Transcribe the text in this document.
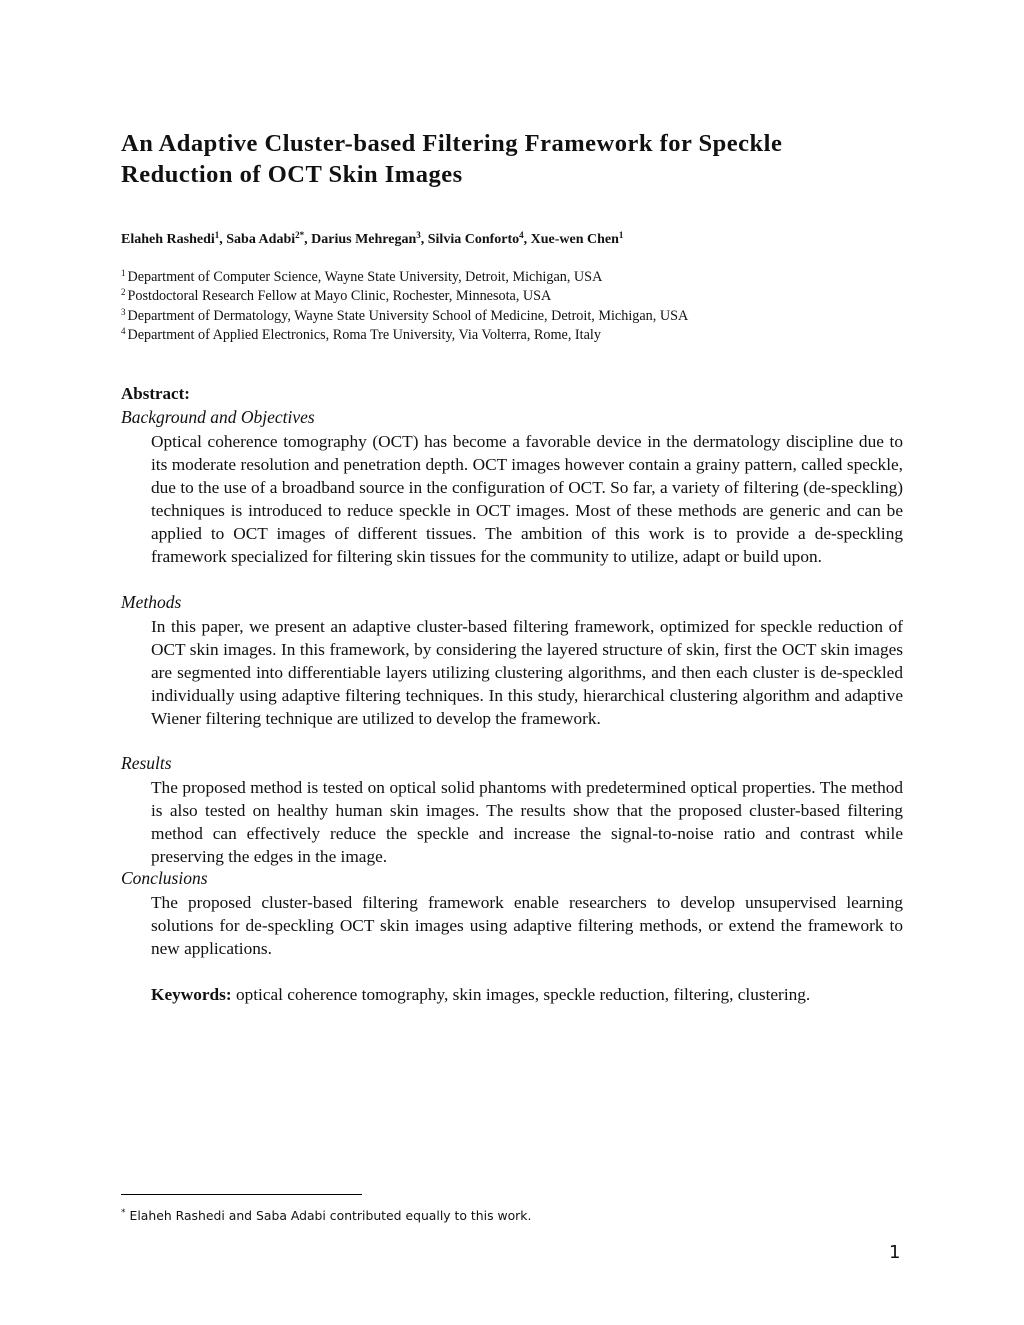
An Adaptive Cluster-based Filtering Framework for Speckle Reduction of OCT Skin Images
Elaheh Rashedi$^1$, Saba Adabi$^{2*}$, Darius Mehregan$^3$, Silvia Conforto$^4$, Xue-wen Chen$^1$
$^1$ Department of Computer Science, Wayne State University, Detroit, Michigan, USA
$^2$ Postdoctoral Research Fellow at Mayo Clinic, Rochester, Minnesota, USA
$^3$ Department of Dermatology, Wayne State University School of Medicine, Detroit, Michigan, USA
$^4$ Department of Applied Electronics, Roma Tre University, Via Volterra, Rome, Italy
Abstract:
Background and Objectives

Optical coherence tomography (OCT) has become a favorable device in the dermatology discipline due to its moderate resolution and penetration depth. OCT images however contain a grainy pattern, called speckle, due to the use of a broadband source in the configuration of OCT. So far, a variety of filtering (de-speckling) techniques is introduced to reduce speckle in OCT images. Most of these methods are generic and can be applied to OCT images of different tissues. The ambition of this work is to provide a de-speckling framework specialized for filtering skin tissues for the community to utilize, adapt or build upon.

Methods

In this paper, we present an adaptive cluster-based filtering framework, optimized for speckle reduction of OCT skin images. In this framework, by considering the layered structure of skin, first the OCT skin images are segmented into differentiable layers utilizing clustering algorithms, and then each cluster is de-speckled individually using adaptive filtering techniques. In this study, hierarchical clustering algorithm and adaptive Wiener filtering technique are utilized to develop the framework.

Results

The proposed method is tested on optical solid phantoms with predetermined optical properties. The method is also tested on healthy human skin images. The results show that the proposed cluster-based filtering method can effectively reduce the speckle and increase the signal-to-noise ratio and contrast while preserving the edges in the image.

Conclusions

The proposed cluster-based filtering framework enable researchers to develop unsupervised learning solutions for de-speckling OCT skin images using adaptive filtering methods, or extend the framework to new applications.

Keywords: optical coherence tomography, skin images, speckle reduction, filtering, clustering.
* Elaheh Rashedi and Saba Adabi contributed equally to this work.
1
